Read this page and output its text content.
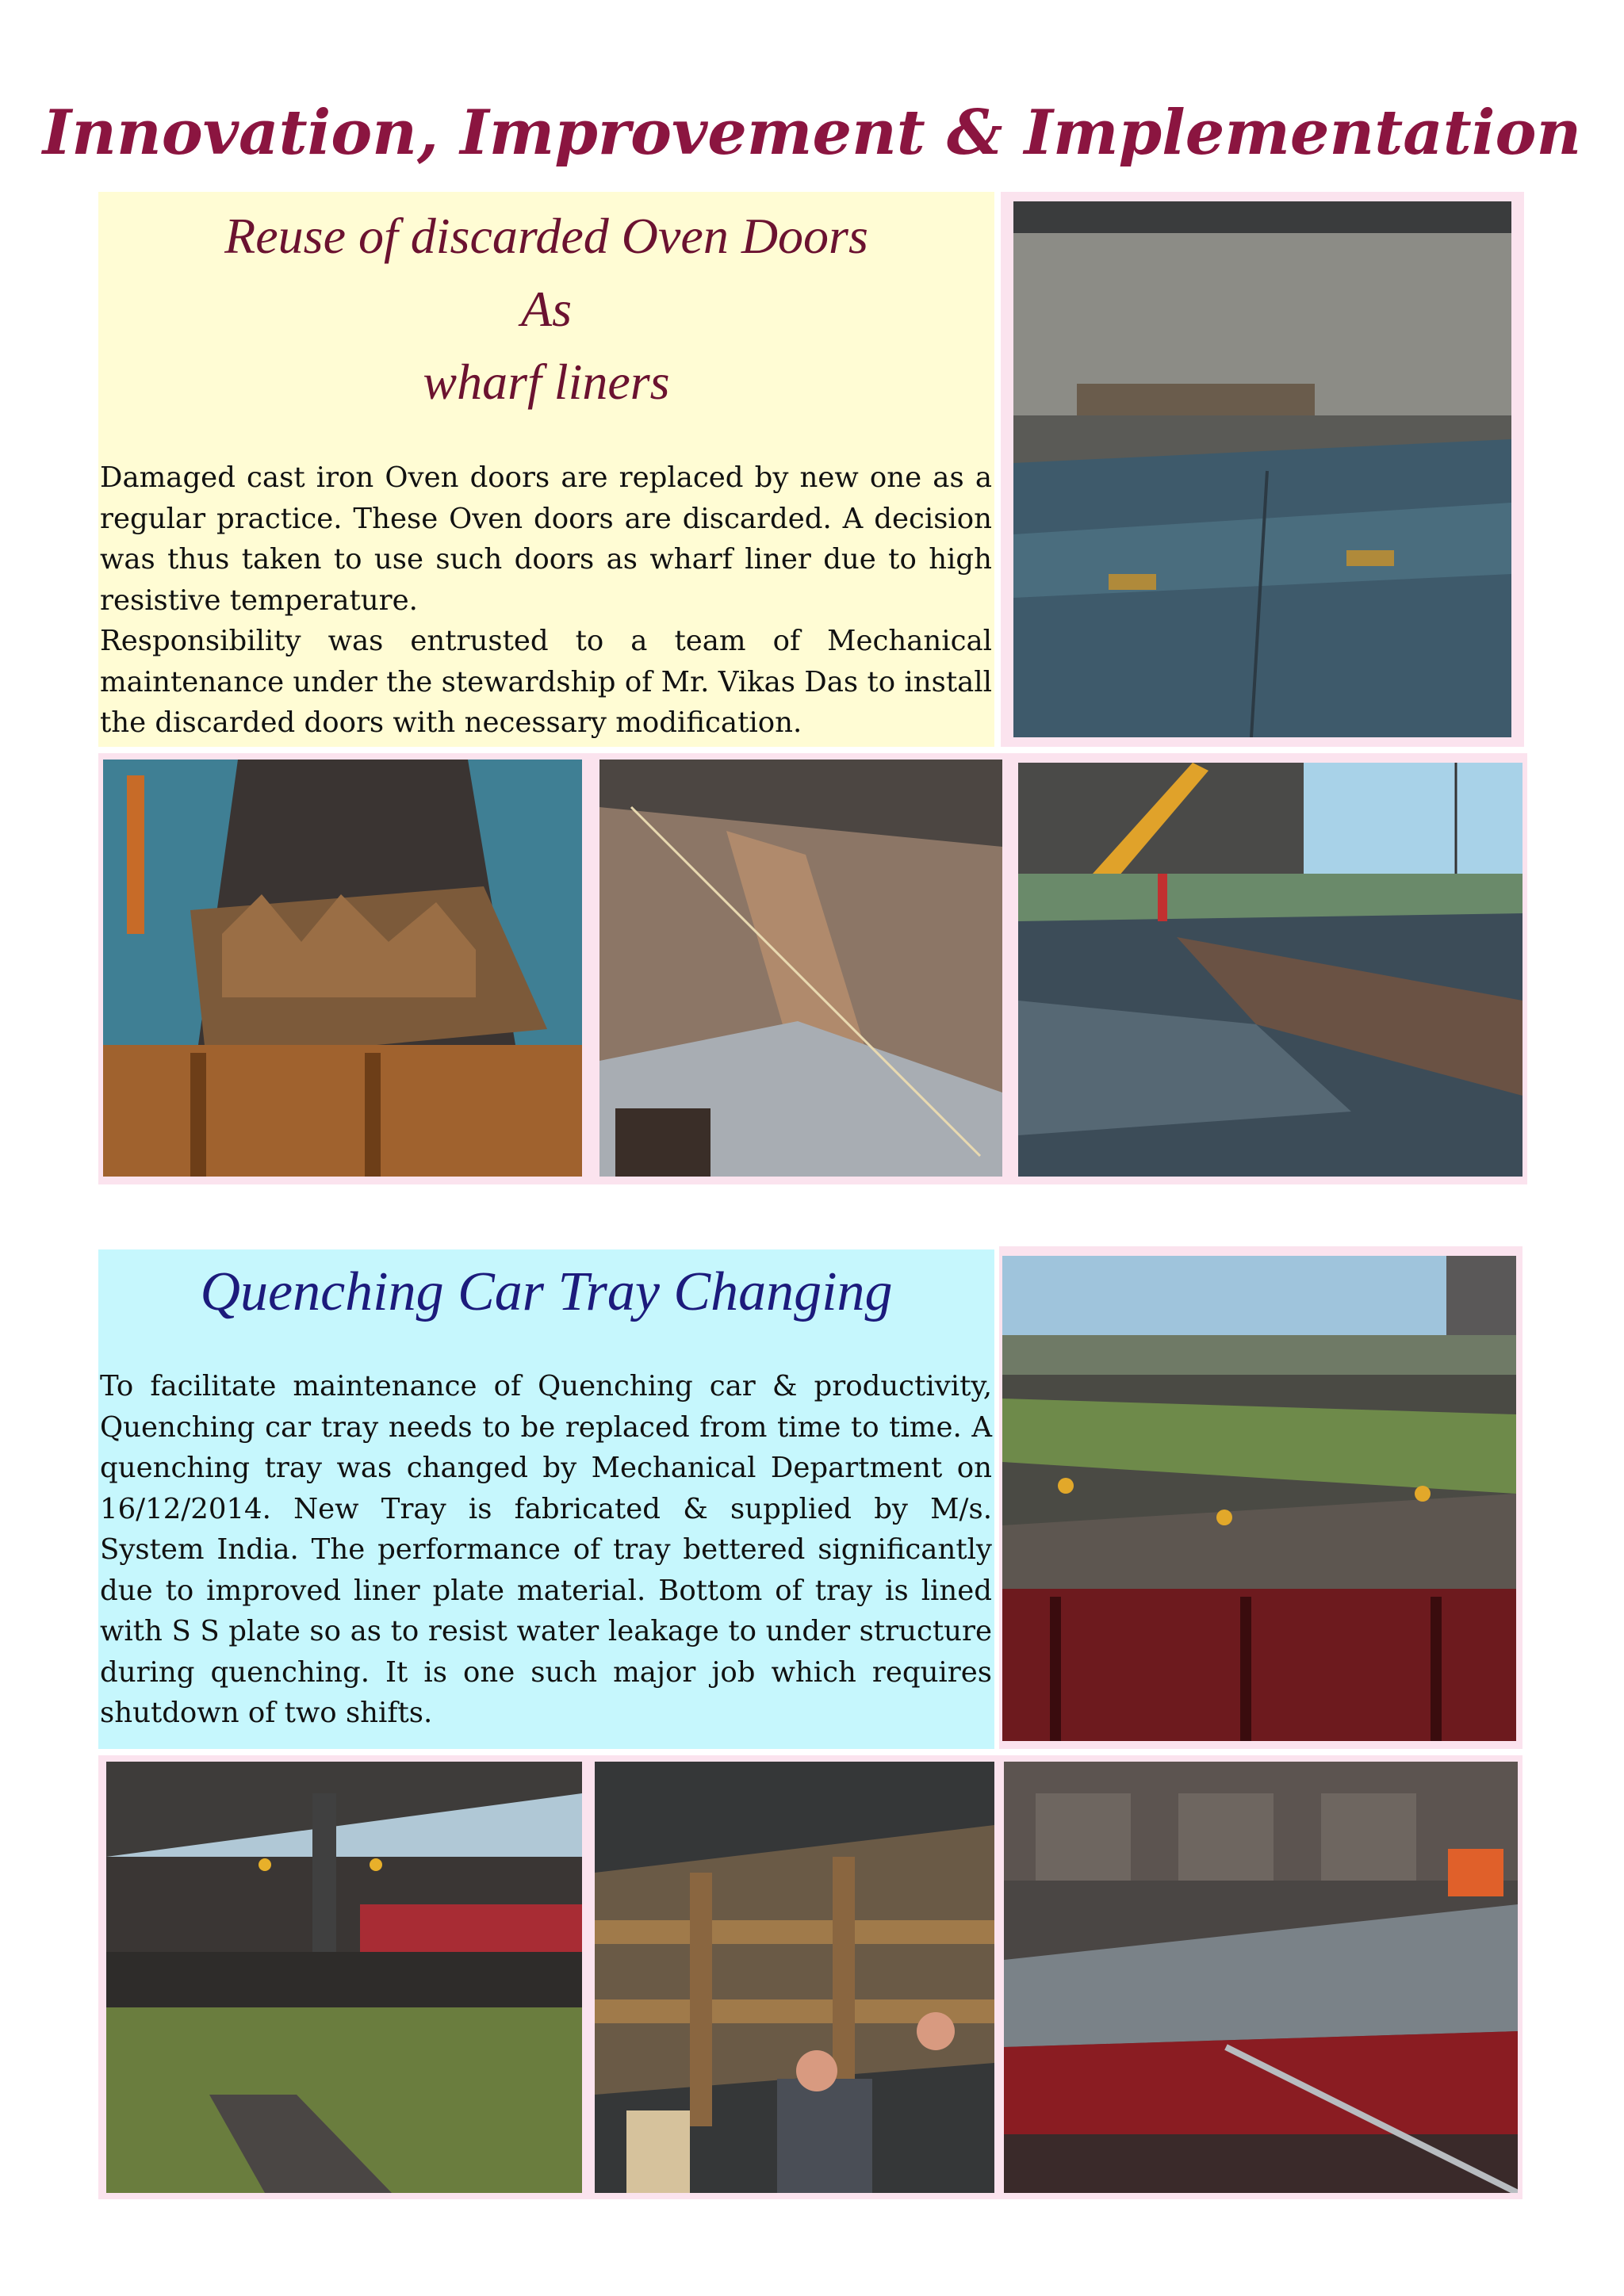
Innovation, Improvement & Implementation
Reuse of discarded Oven Doors
As
wharf liners

Damaged cast iron Oven doors are replaced by new one as a regular practice. These Oven doors are discarded. A decision was thus taken to use such doors as wharf liner due to high resistive temperature.

Responsibility was entrusted to a team of Mechanical maintenance under the stewardship of Mr. Vikas Das to install the discarded doors with necessary modification.

Quenching Car Tray Changing

To facilitate maintenance of Quenching car & productivity, Quenching car tray needs to be replaced from time to time. A quenching tray was changed by Mechanical Department on 16/12/2014. New Tray is fabricated & supplied by M/s. System India. The performance of tray bettered significantly due to improved liner plate material. Bottom of tray is lined with S S plate so as to resist water leakage to under structure during quenching. It is one such major job which requires shutdown of two shifts.
